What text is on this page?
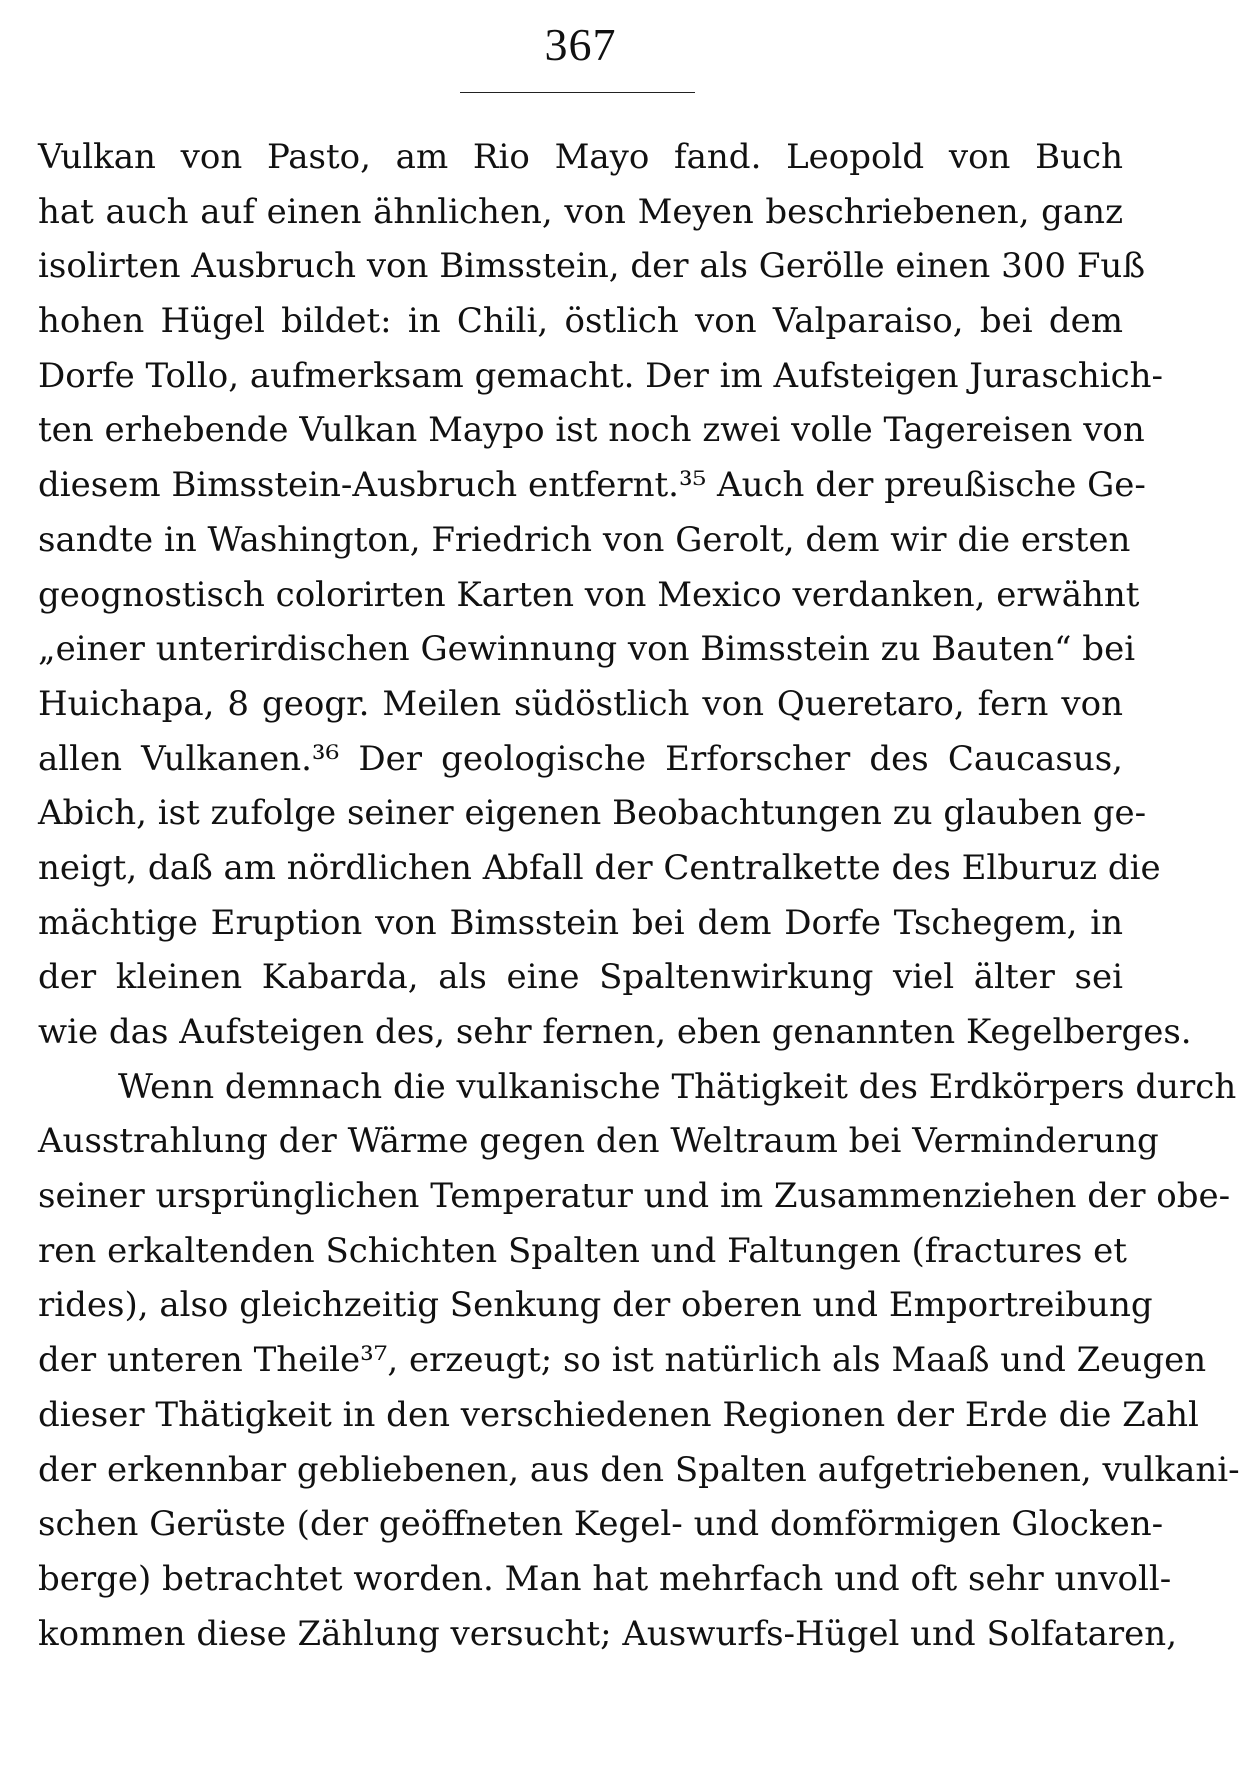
367
Vulkan von Pasto, am Rio Mayo fand. Leopold von Buch
hat auch auf einen ähnlichen, von Meyen beschriebenen, ganz
isolirten Ausbruch von Bimsstein, der als Gerölle einen 300 Fuß
hohen Hügel bildet: in Chili, östlich von Valparaiso, bei dem
Dorfe Tollo, aufmerksam gemacht. Der im Aufsteigen Juraschich-
ten erhebende Vulkan Maypo ist noch zwei volle Tagereisen von
diesem Bimsstein-Ausbruch entfernt.³⁵ Auch der preußische Ge-
sandte in Washington, Friedrich von Gerolt, dem wir die ersten
geognostisch colorirten Karten von Mexico verdanken, erwähnt
„einer unterirdischen Gewinnung von Bimsstein zu Bauten“ bei
Huichapa, 8 geogr. Meilen südöstlich von Queretaro, fern von
allen Vulkanen.³⁶ Der geologische Erforscher des Caucasus,
Abich, ist zufolge seiner eigenen Beobachtungen zu glauben ge-
neigt, daß am nördlichen Abfall der Centralkette des Elburuz die
mächtige Eruption von Bimsstein bei dem Dorfe Tschegem, in
der kleinen Kabarda, als eine Spaltenwirkung viel älter sei
wie das Aufsteigen des, sehr fernen, eben genannten Kegelberges.
Wenn demnach die vulkanische Thätigkeit des Erdkörpers durch
Ausstrahlung der Wärme gegen den Weltraum bei Verminderung
seiner ursprünglichen Temperatur und im Zusammenziehen der obe-
ren erkaltenden Schichten Spalten und Faltungen (fractures et
rides), also gleichzeitig Senkung der oberen und Emportreibung
der unteren Theile³⁷, erzeugt; so ist natürlich als Maaß und Zeugen
dieser Thätigkeit in den verschiedenen Regionen der Erde die Zahl
der erkennbar gebliebenen, aus den Spalten aufgetriebenen, vulkani-
schen Gerüste (der geöffneten Kegel- und domförmigen Glocken-
berge) betrachtet worden. Man hat mehrfach und oft sehr unvoll-
kommen diese Zählung versucht; Auswurfs-Hügel und Solfataren,
